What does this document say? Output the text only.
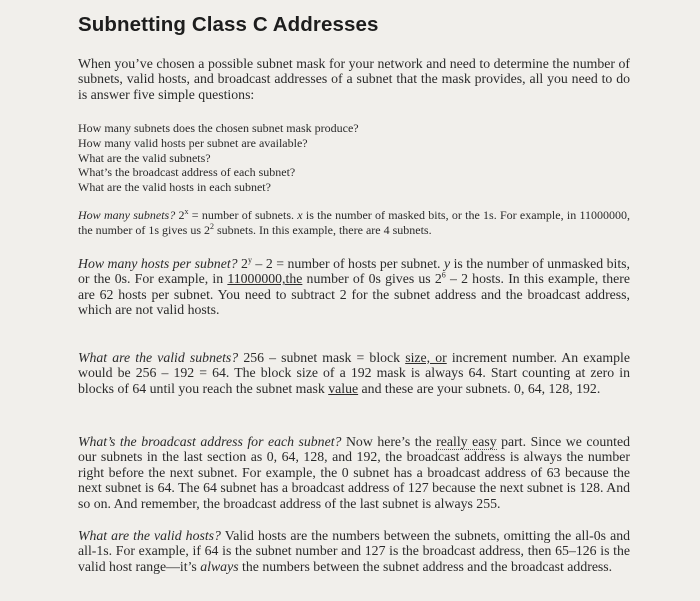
Subnetting Class C Addresses

When you’ve chosen a possible subnet mask for your network and need to determine the number of subnets, valid hosts, and broadcast addresses of a subnet that the mask provides, all you need to do is answer five simple questions:

How many subnets does the chosen subnet mask produce?
How many valid hosts per subnet are available?
What are the valid subnets?
What’s the broadcast address of each subnet?
What are the valid hosts in each subnet?

How many subnets? $2^x$ = number of subnets. x is the number of masked bits, or the 1s. For example, in 11000000, the number of 1s gives us $2^2$ subnets. In this example, there are 4 subnets.

How many hosts per subnet? 2$^y$ – 2 = number of hosts per subnet. y is the number of unmasked bits, or the 0s. For example, in 11000000,the number of 0s gives us $2^6 - 2$ hosts. In this example, there are 62 hosts per subnet. You need to subtract 2 for the subnet address and the broadcast address, which are not valid hosts.

What are the valid subnets? 256 – subnet mask = block size, or increment number. An example would be 256 – 192 = 64. The block size of a 192 mask is always 64. Start counting at zero in blocks of 64 until you reach the subnet mask value and these are your subnets. 0, 64, 128, 192.

What’s the broadcast address for each subnet? Now here’s the really easy part. Since we counted our subnets in the last section as 0, 64, 128, and 192, the broadcast address is always the number right before the next subnet. For example, the 0 subnet has a broadcast address of 63 because the next subnet is 64. The 64 subnet has a broadcast address of 127 because the next subnet is 128. And so on. And remember, the broadcast address of the last subnet is always 255.

What are the valid hosts? Valid hosts are the numbers between the subnets, omitting the all-0s and all-1s. For example, if 64 is the subnet number and 127 is the broadcast address, then 65–126 is the valid host range—it’s always the numbers between the subnet address and the broadcast address.
